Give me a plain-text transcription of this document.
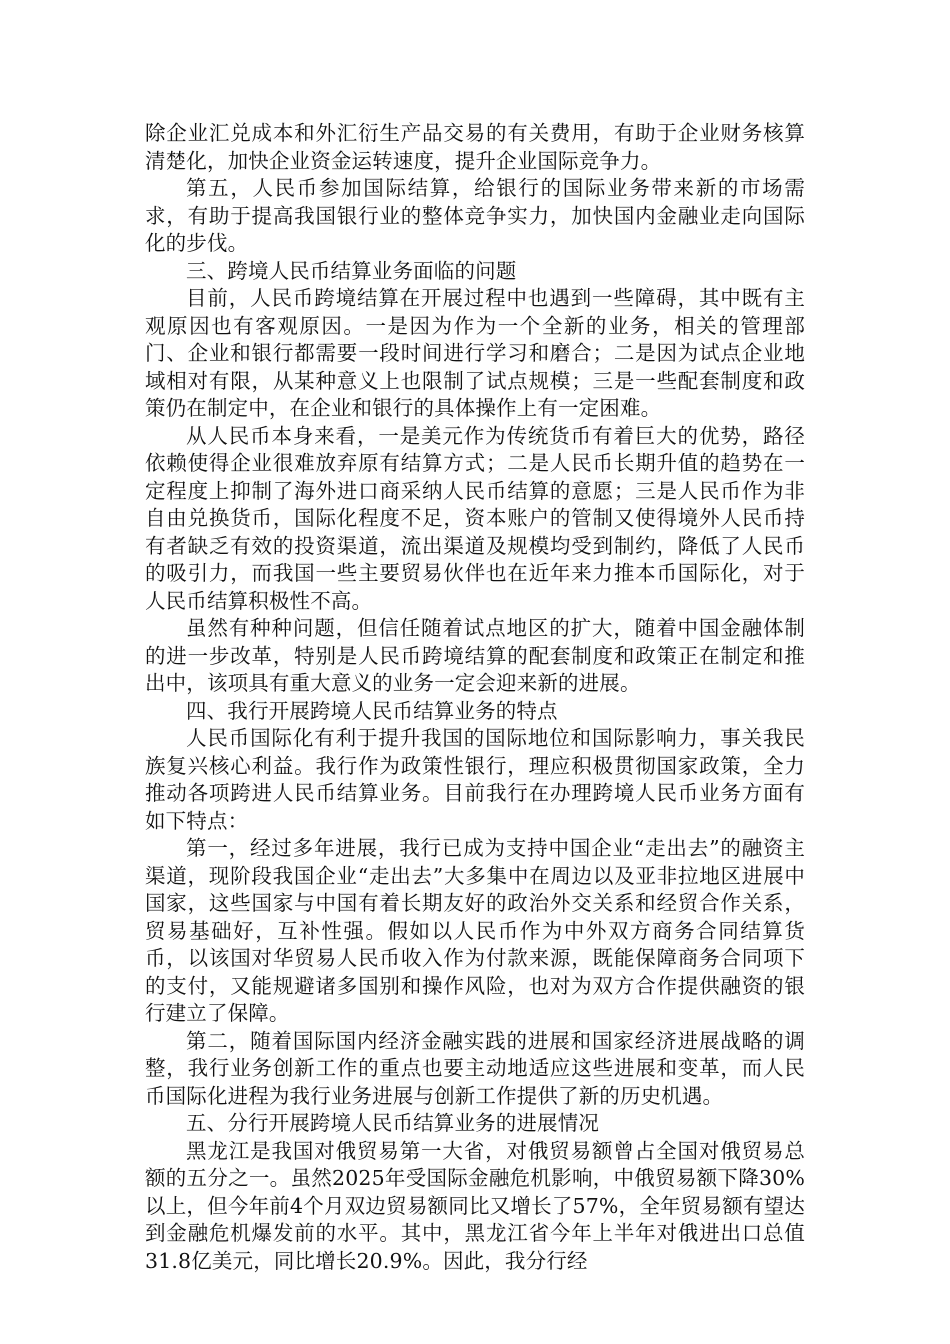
除企业汇兑成本和外汇衍生产品交易的有关费用，有助于企业财务核算清楚化，加快企业资金运转速度，提升企业国际竞争力。

第五，人民币参加国际结算，给银行的国际业务带来新的市场需求，有助于提高我国银行业的整体竞争实力，加快国内金融业走向国际化的步伐。

三、跨境人民币结算业务面临的问题

目前，人民币跨境结算在开展过程中也遇到一些障碍，其中既有主观原因也有客观原因。一是因为作为一个全新的业务，相关的管理部门、企业和银行都需要一段时间进行学习和磨合；二是因为试点企业地域相对有限，从某种意义上也限制了试点规模；三是一些配套制度和政策仍在制定中，在企业和银行的具体操作上有一定困难。

从人民币本身来看，一是美元作为传统货币有着巨大的优势，路径依赖使得企业很难放弃原有结算方式；二是人民币长期升值的趋势在一定程度上抑制了海外进口商采纳人民币结算的意愿；三是人民币作为非自由兑换货币，国际化程度不足，资本账户的管制又使得境外人民币持有者缺乏有效的投资渠道，流出渠道及规模均受到制约，降低了人民币的吸引力，而我国一些主要贸易伙伴也在近年来力推本币国际化，对于人民币结算积极性不高。

虽然有种种问题，但信任随着试点地区的扩大，随着中国金融体制的进一步改革，特别是人民币跨境结算的配套制度和政策正在制定和推出中，该项具有重大意义的业务一定会迎来新的进展。

四、我行开展跨境人民币结算业务的特点

人民币国际化有利于提升我国的国际地位和国际影响力，事关我民族复兴核心利益。我行作为政策性银行，理应积极贯彻国家政策，全力推动各项跨进人民币结算业务。目前我行在办理跨境人民币业务方面有如下特点：

第一，经过多年进展，我行已成为支持中国企业“走出去”的融资主渠道，现阶段我国企业“走出去”大多集中在周边以及亚非拉地区进展中国家，这些国家与中国有着长期友好的政治外交关系和经贸合作关系，贸易基础好，互补性强。假如以人民币作为中外双方商务合同结算货币，以该国对华贸易人民币收入作为付款来源，既能保障商务合同项下的支付，又能规避诸多国别和操作风险，也对为双方合作提供融资的银行建立了保障。

第二，随着国际国内经济金融实践的进展和国家经济进展战略的调整，我行业务创新工作的重点也要主动地适应这些进展和变革，而人民币国际化进程为我行业务进展与创新工作提供了新的历史机遇。

五、分行开展跨境人民币结算业务的进展情况

黑龙江是我国对俄贸易第一大省，对俄贸易额曾占全国对俄贸易总额的五分之一。虽然2025年受国际金融危机影响，中俄贸易额下降30%以上，但今年前4个月双边贸易额同比又增长了57%，全年贸易额有望达到金融危机爆发前的水平。其中，黑龙江省今年上半年对俄进出口总值31.8亿美元，同比增长20.9%。因此，我分行经
